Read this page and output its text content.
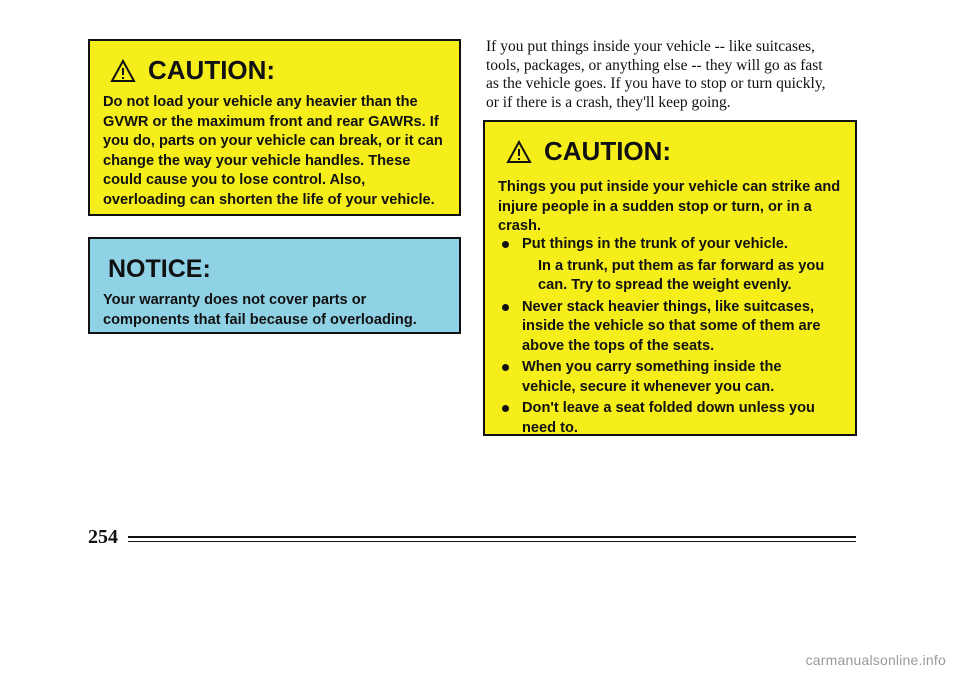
CAUTION:
Do not load your vehicle any heavier than the
GVWR or the maximum front and rear GAWRs. If
you do, parts on your vehicle can break, or it can
change the way your vehicle handles. These
could cause you to lose control. Also,
overloading can shorten the life of your vehicle.
NOTICE:
Your warranty does not cover parts or
components that fail because of overloading.
If you put things inside your vehicle -- like suitcases,
tools, packages, or anything else -- they will go as fast
as the vehicle goes. If you have to stop or turn quickly,
or if there is a crash, they'll keep going.
CAUTION:
Things you put inside your vehicle can strike and
injure people in a sudden stop or turn, or in a
crash.
Put things in the trunk of your vehicle.
In a trunk, put them as far forward as you
can. Try to spread the weight evenly.
Never stack heavier things, like suitcases,
inside the vehicle so that some of them are
above the tops of the seats.
When you carry something inside the
vehicle, secure it whenever you can.
Don't leave a seat folded down unless you
need to.
254
carmanualsonline.info
